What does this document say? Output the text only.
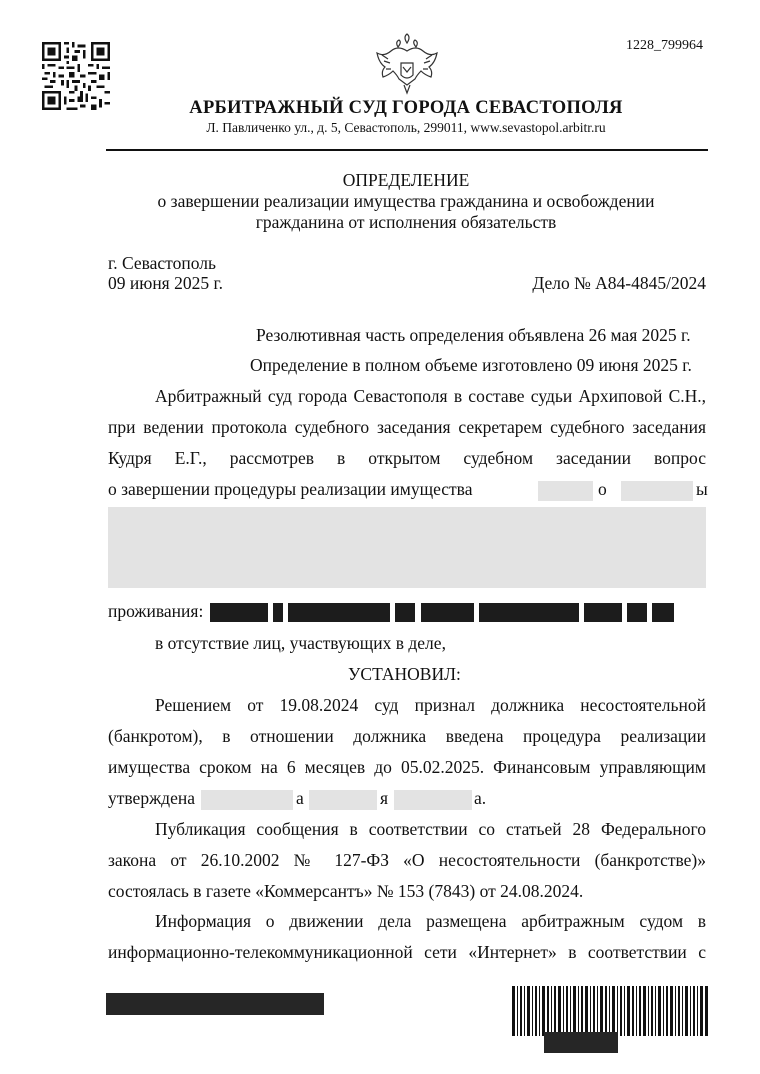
1228_799964
АРБИТРАЖНЫЙ СУД ГОРОДА СЕВАСТОПОЛЯ
Л. Павличенко ул., д. 5, Севастополь, 299011, www.sevastopol.arbitr.ru
ОПРЕДЕЛЕНИЕ
о завершении реализации имущества гражданина и освобождении
гражданина от исполнения обязательств
г. Севастополь
09 июня 2025 г.	Дело № А84-4845/2024
Резолютивная часть определения объявлена 26 мая 2025 г.
Определение в полном объеме изготовлено 09 июня 2025 г.
Арбитражный суд города Севастополя в составе судьи Архиповой С.Н.,
при ведении протокола судебного заседания секретарем судебного заседания
Кудря Е.Г., рассмотрев в открытом судебном заседании вопрос
о завершении процедуры реализации имущества	о	ы
проживания:
в отсутствие лиц, участвующих в деле,
УСТАНОВИЛ:
Решением от 19.08.2024 суд признал должника несостоятельной
(банкротом), в отношении должника введена процедура реализации
имущества сроком на 6 месяцев до 05.02.2025. Финансовым управляющим
утверждена	а	я	а.
Публикация сообщения в соответствии со статьей 28 Федерального
закона от 26.10.2002 № 127-ФЗ «О несостоятельности (банкротстве)»
состоялась в газете «Коммерсантъ» № 153 (7843) от 24.08.2024.
Информация о движении дела размещена арбитражным судом в
информационно-телекоммуникационной сети «Интернет» в соответствии с
